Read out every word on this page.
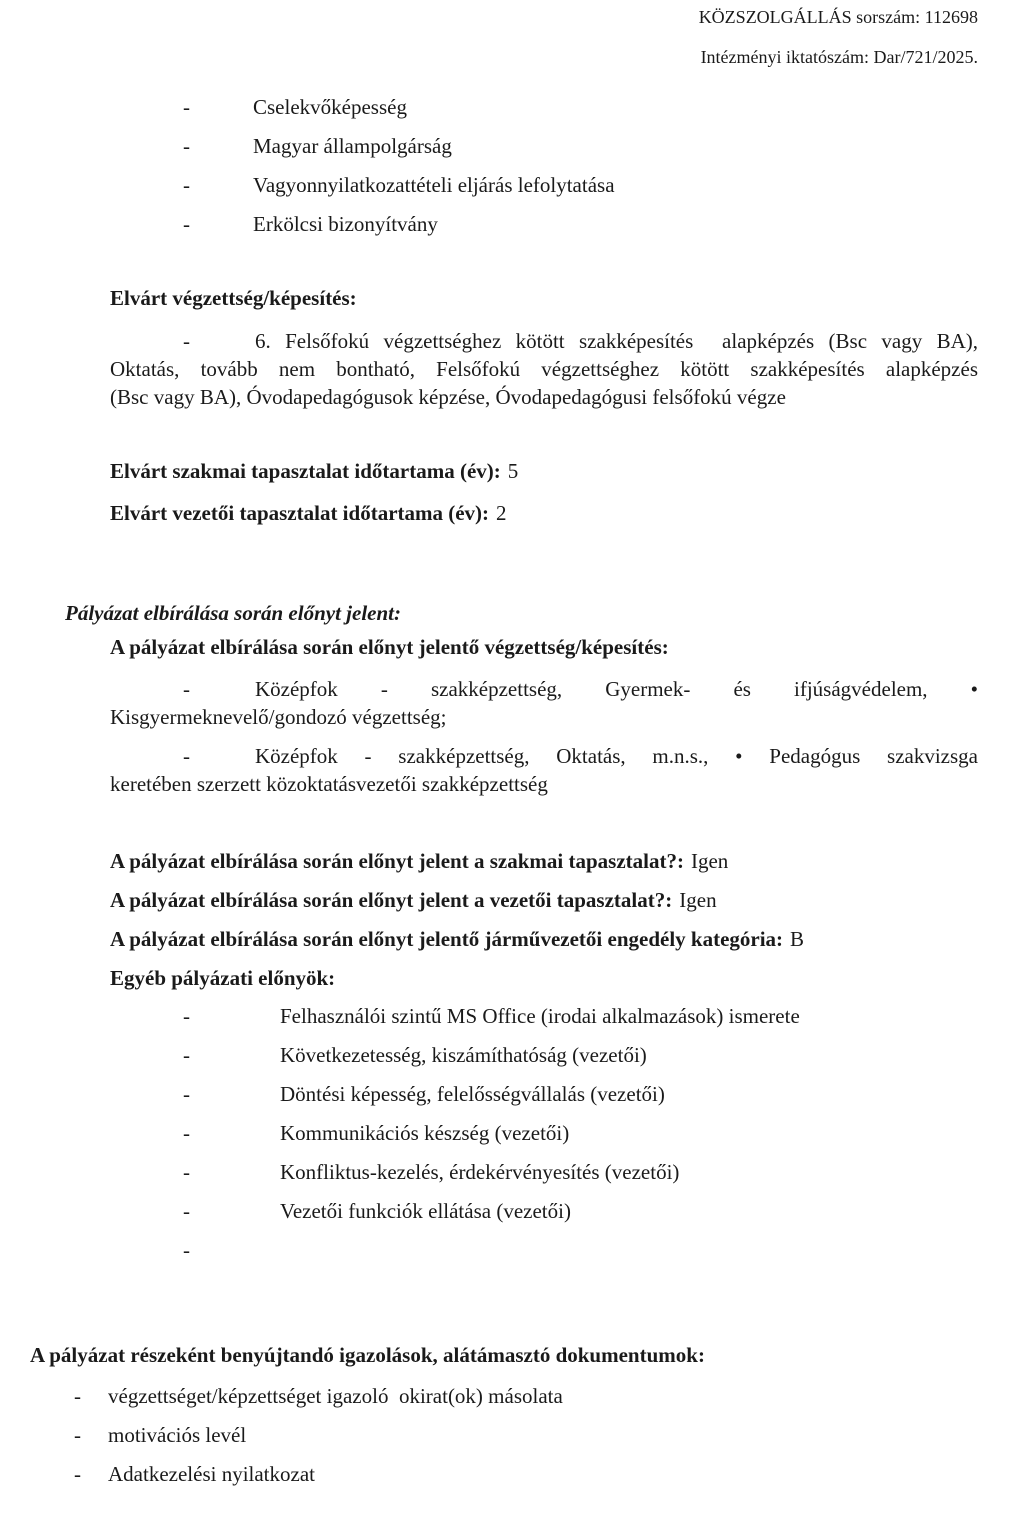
KÖZSZOLGÁLLÁS sorszám: 112698
Intézményi iktatószám: Dar/721/2025.
-	Cselekvőképesség
-	Magyar állampolgárság
-	Vagyonnyilatkozattételi eljárás lefolytatása
-	Erkölcsi bizonyítvány
Elvárt végzettség/képesítés:
-	6. Felsőfokú végzettséghez kötött szakképesítés  alapképzés (Bsc vagy BA),
Oktatás, tovább nem bontható, Felsőfokú végzettséghez kötött szakképesítés alapképzés
(Bsc vagy BA), Óvodapedagógusok képzése, Óvodapedagógusi felsőfokú végze
Elvárt szakmai tapasztalat időtartama (év): 5
Elvárt vezetői tapasztalat időtartama (év): 2
Pályázat elbírálása során előnyt jelent:
A pályázat elbírálása során előnyt jelentő végzettség/képesítés:
-	Középfok - szakképzettség, Gyermek- és ifjúságvédelem, •
Kisgyermeknevelő/gondozó végzettség;
-	Középfok - szakképzettség, Oktatás, m.n.s., • Pedagógus szakvizsga
keretében szerzett közoktatásvezetői szakképzettség
A pályázat elbírálása során előnyt jelent a szakmai tapasztalat?: Igen
A pályázat elbírálása során előnyt jelent a vezetői tapasztalat?: Igen
A pályázat elbírálása során előnyt jelentő járművezetői engedély kategória: B
Egyéb pályázati előnyök:
-	Felhasználói szintű MS Office (irodai alkalmazások) ismerete
-	Következetesség, kiszámíthatóság (vezetői)
-	Döntési képesség, felelősségvállalás (vezetői)
-	Kommunikációs készség (vezetői)
-	Konfliktus-kezelés, érdekérvényesítés (vezetői)
-	Vezetői funkciók ellátása (vezetői)
-
A pályázat részeként benyújtandó igazolások, alátámasztó dokumentumok:
- végzettséget/képzettséget igazoló  okirat(ok) másolata
- motivációs levél
- Adatkezelési nyilatkozat
